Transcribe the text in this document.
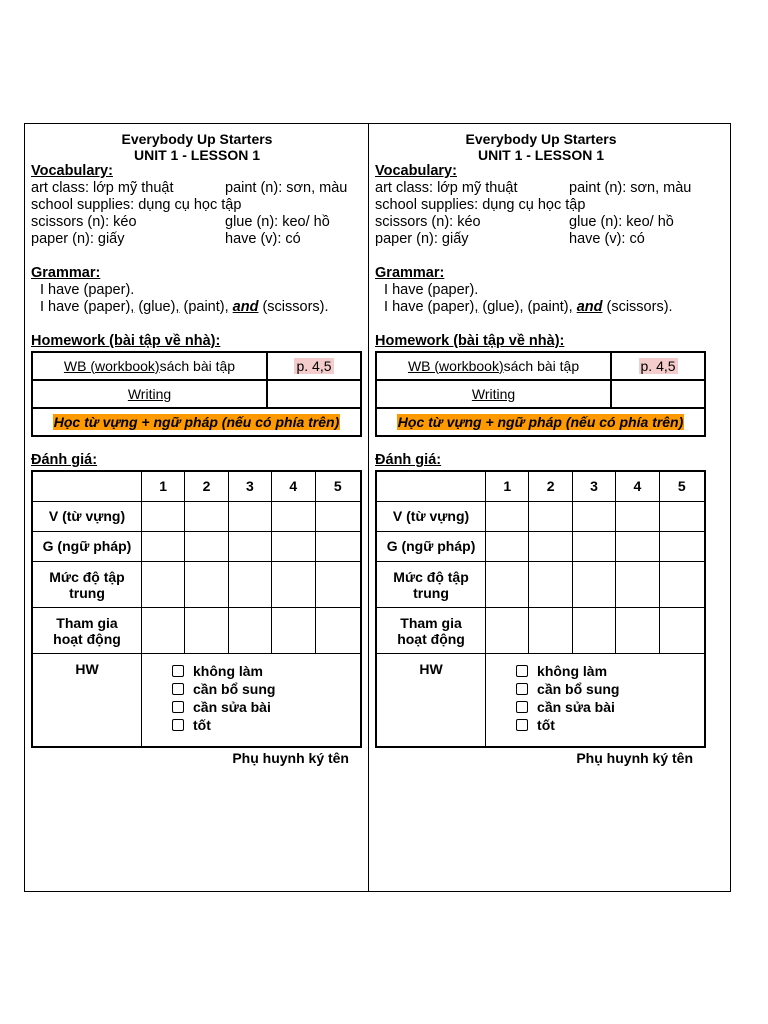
Everybody Up Starters
UNIT 1 - LESSON 1
Vocabulary:
art class: lớp mỹ thuật	paint (n): sơn, màu
school supplies: dụng cụ học tập
scissors (n): kéo	glue (n): keo/ hồ
paper (n): giấy	have (v): có
Grammar:
I have (paper).
I have (paper), (glue), (paint), and (scissors).
Homework (bài tập về nhà):
WB (workbook)sách bài tập	p. 4,5
Writing	
Học từ vựng + ngữ pháp (nếu có phía trên)	
Đánh giá:
	1	2	3	4	5
V (từ vựng)					
G (ngữ pháp)					
Mức độ tập
trung					
Tham gia
hoạt động					
HW	không làm
cần bổ sung
cần sửa bài
tốt				
Phụ huynh ký tên
Everybody Up Starters
UNIT 1 - LESSON 1
Vocabulary:
art class: lớp mỹ thuật	paint (n): sơn, màu
school supplies: dụng cụ học tập
scissors (n): kéo	glue (n): keo/ hồ
paper (n): giấy	have (v): có
Grammar:
I have (paper).
I have (paper), (glue), (paint), and (scissors).
Homework (bài tập về nhà):
WB (workbook)sách bài tập	p. 4,5
Writing	
Học từ vựng + ngữ pháp (nếu có phía trên)	
Đánh giá:
	1	2	3	4	5
V (từ vựng)					
G (ngữ pháp)					
Mức độ tập
trung					
Tham gia
hoạt động					
HW	không làm
cần bổ sung
cần sửa bài
tốt				
Phụ huynh ký tên
